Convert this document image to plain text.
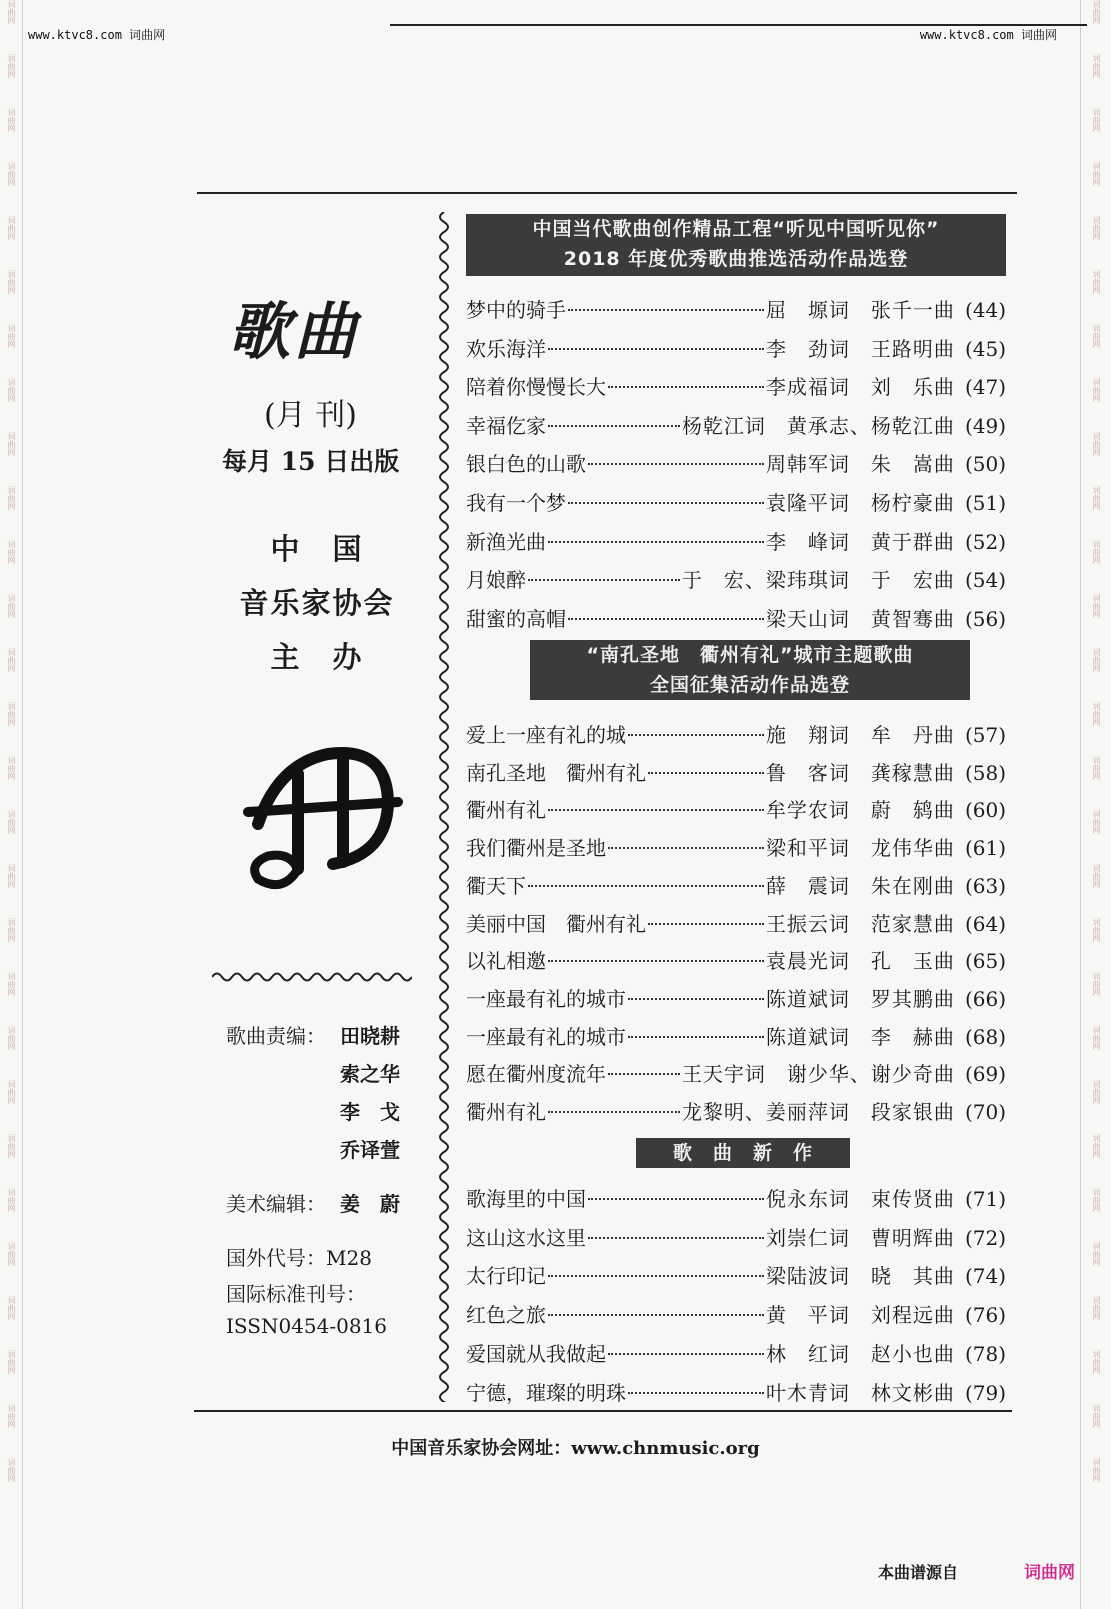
词曲网
词曲网
词曲网
词曲网
词曲网
词曲网
词曲网
词曲网
词曲网
词曲网
词曲网
词曲网
词曲网
词曲网
词曲网
词曲网
词曲网
词曲网
词曲网
词曲网
词曲网
词曲网
词曲网
词曲网
词曲网
词曲网
词曲网
词曲网
词曲网
词曲网
词曲网
词曲网
词曲网
词曲网
词曲网
词曲网
词曲网
词曲网
词曲网
词曲网
词曲网
词曲网
词曲网
词曲网
词曲网
词曲网
词曲网
词曲网
词曲网
词曲网
词曲网
词曲网
词曲网
词曲网
词曲网
词曲网
www.ktvc8.com 词曲网	www.ktvc8.com 词曲网
歌曲
(月 刊)
每月 15 日出版
中　国
音乐家协会
主　办
歌曲责编： 田晓耕
索之华
李　戈
乔译萱
美术编辑： 姜　蔚
国外代号：M28
国际标准刊号：
ISSN0454-0816
中国当代歌曲创作精品工程“听见中国听见你”
2018 年度优秀歌曲推选活动作品选登
梦中的骑手	屈　塬词　张千一曲 (44)
欢乐海洋	李　劲词　王路明曲 (45)
陪着你慢慢长大	李成福词　刘　乐曲 (47)
幸福仡家	杨乾江词　黄承志、杨乾江曲 (49)
银白色的山歌	周韩军词　朱　嵩曲 (50)
我有一个梦	袁隆平词　杨柠豪曲 (51)
新渔光曲	李　峰词　黄于群曲 (52)
月娘醉	于　宏、梁玮琪词　于　宏曲 (54)
甜蜜的高帽	梁天山词　黄智骞曲 (56)
“南孔圣地　衢州有礼”城市主题歌曲
全国征集活动作品选登
爱上一座有礼的城	施　翔词　牟　丹曲 (57)
南孔圣地　衢州有礼	鲁　客词　龚稼慧曲 (58)
衢州有礼	牟学农词　蔚　鸫曲 (60)
我们衢州是圣地	梁和平词　龙伟华曲 (61)
衢天下	薛　震词　朱在刚曲 (63)
美丽中国　衢州有礼	王振云词　范家慧曲 (64)
以礼相邀	袁晨光词　孔　玉曲 (65)
一座最有礼的城市	陈道斌词　罗其鹏曲 (66)
一座最有礼的城市	陈道斌词　李　赫曲 (68)
愿在衢州度流年	王天宇词　谢少华、谢少奇曲 (69)
衢州有礼	龙黎明、姜丽萍词　段家银曲 (70)
歌　曲　新　作
歌海里的中国	倪永东词　束传贤曲 (71)
这山这水这里	刘崇仁词　曹明辉曲 (72)
太行印记	梁陆波词　晓　其曲 (74)
红色之旅	黄　平词　刘程远曲 (76)
爱国就从我做起	林　红词　赵小也曲 (78)
宁德，璀璨的明珠	叶木青词　林文彬曲 (79)
中国音乐家协会网址：www.chnmusic.org
本曲谱源自	词曲网
